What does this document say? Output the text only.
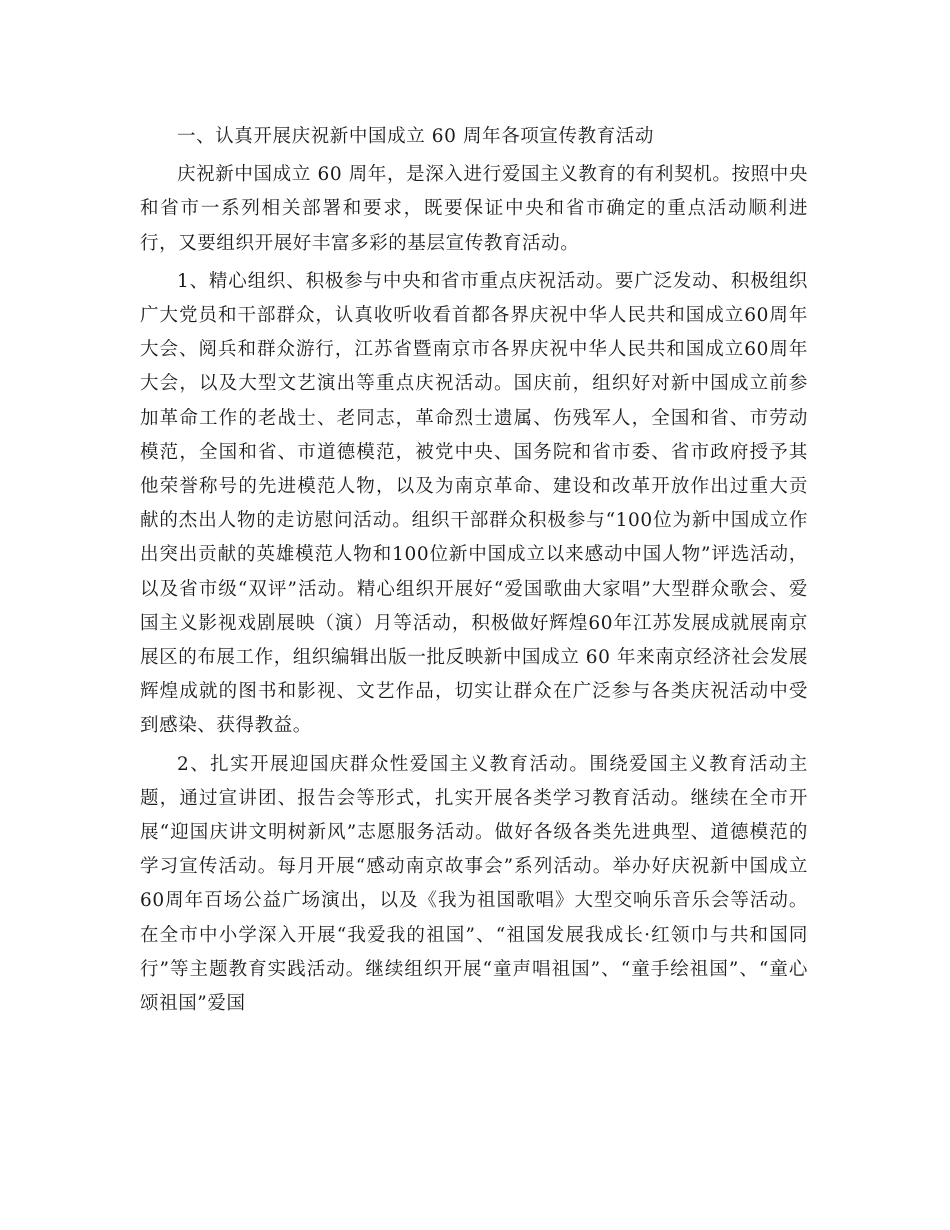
一、认真开展庆祝新中国成立 60 周年各项宣传教育活动

庆祝新中国成立 60 周年，是深入进行爱国主义教育的有利契机。按照中央和省市一系列相关部署和要求，既要保证中央和省市确定的重点活动顺利进行，又要组织开展好丰富多彩的基层宣传教育活动。

1、精心组织、积极参与中央和省市重点庆祝活动。要广泛发动、积极组织广大党员和干部群众，认真收听收看首都各界庆祝中华人民共和国成立60周年大会、阅兵和群众游行，江苏省暨南京市各界庆祝中华人民共和国成立60周年大会，以及大型文艺演出等重点庆祝活动。国庆前，组织好对新中国成立前参加革命工作的老战士、老同志，革命烈士遗属、伤残军人，全国和省、市劳动模范，全国和省、市道德模范，被党中央、国务院和省市委、省市政府授予其他荣誉称号的先进模范人物，以及为南京革命、建设和改革开放作出过重大贡献的杰出人物的走访慰问活动。组织干部群众积极参与“100位为新中国成立作出突出贡献的英雄模范人物和100位新中国成立以来感动中国人物”评选活动，以及省市级“双评”活动。精心组织开展好“爱国歌曲大家唱”大型群众歌会、爱国主义影视戏剧展映（演）月等活动，积极做好辉煌60年江苏发展成就展南京展区的布展工作，组织编辑出版一批反映新中国成立 60 年来南京经济社会发展辉煌成就的图书和影视、文艺作品，切实让群众在广泛参与各类庆祝活动中受到感染、获得教益。

2、扎实开展迎国庆群众性爱国主义教育活动。围绕爱国主义教育活动主题，通过宣讲团、报告会等形式，扎实开展各类学习教育活动。继续在全市开展“迎国庆讲文明树新风”志愿服务活动。做好各级各类先进典型、道德模范的学习宣传活动。每月开展“感动南京故事会”系列活动。举办好庆祝新中国成立60周年百场公益广场演出，以及《我为祖国歌唱》大型交响乐音乐会等活动。在全市中小学深入开展“我爱我的祖国”、“祖国发展我成长·红领巾与共和国同行”等主题教育实践活动。继续组织开展“童声唱祖国”、“童手绘祖国”、“童心颂祖国”爱国
